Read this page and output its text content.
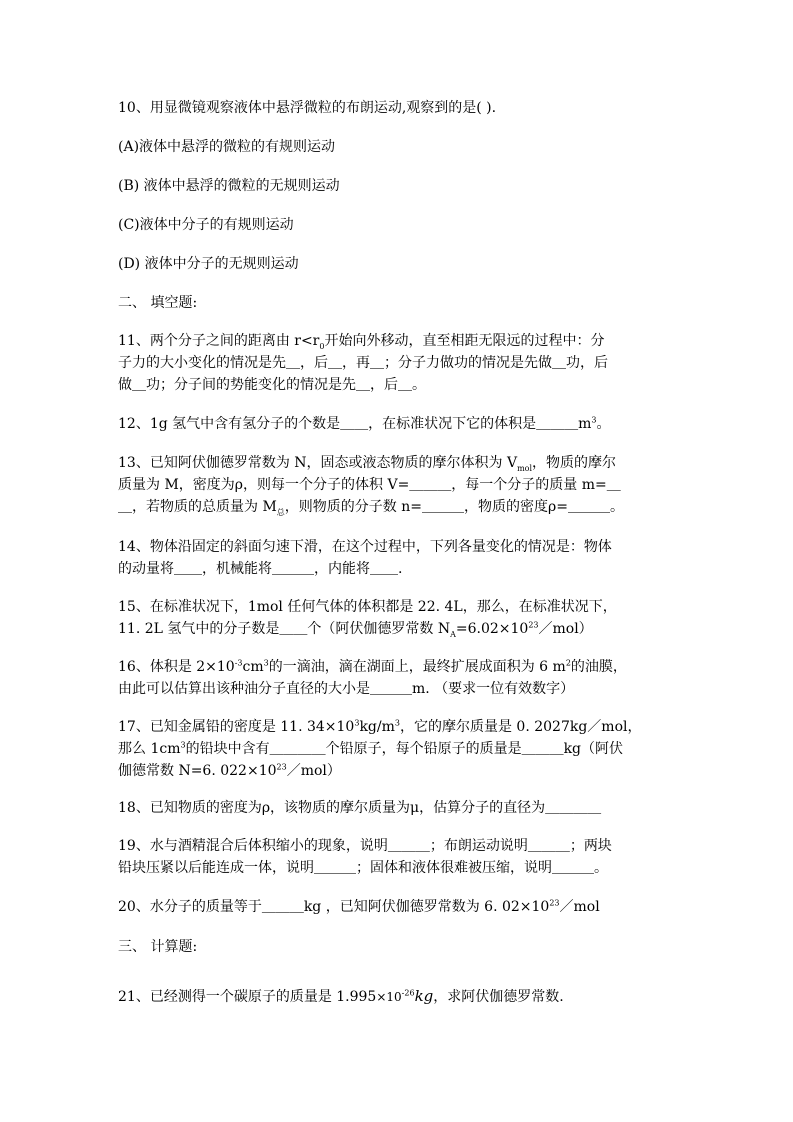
10、用显微镜观察液体中悬浮微粒的布朗运动,观察到的是( ).
(A)液体中悬浮的微粒的有规则运动
(B) 液体中悬浮的微粒的无规则运动
(C)液体中分子的有规则运动
(D) 液体中分子的无规则运动
二、 填空题:
11、两个分子之间的距离由 $r<r_0$开始向外移动，直至相距无限远的过程中：分
子力的大小变化的情况是先＿，后＿，再＿；分子力做功的情况是先做＿功，后
做＿功；分子间的势能变化的情况是先＿，后＿。
12、1g 氢气中含有氢分子的个数是＿＿，在标准状况下它的体积是$\_\_\_m^3$。
13、已知阿伏伽德罗常数为 N，固态或液态物质的摩尔体积为 $V_{mol}$，物质的摩尔
质量为 M，密度为ρ，则每一个分子的体积 V=＿＿＿，每一个分子的质量 m=＿
＿，若物质的总质量为 $M_总$，则物质的分子数 n=＿＿＿，物质的密度ρ=＿＿＿。
14、物体沿固定的斜面匀速下滑，在这个过程中，下列各量变化的情况是：物体
的动量将＿＿，机械能将＿＿＿，内能将＿＿.
15、在标准状况下，1mol 任何气体的体积都是 22. 4L，那么，在标准状况下，
11. 2L 氢气中的分子数是＿＿个（阿伏伽德罗常数 $N_A=6.02\times 10^{23}/mol$）
16、体积是 $2\times 10^{-3}cm^3$的一滴油，滴在湖面上，最终扩展成面积为 6 $m^2$的油膜，
由此可以估算出该种油分子直径的大小是＿＿＿m. （要求一位有效数字）
17、已知金属铅的密度是 11. $34\times 10^3kg/m^3$，它的摩尔质量是 0. 2027kg／mol，
那么 $1cm^3$的铅块中含有＿＿＿＿个铅原子，每个铅原子的质量是＿＿＿kg（阿伏
伽德常数 N=6. $022\times 10^{23}/mol$）
18、已知物质的密度为ρ，该物质的摩尔质量为μ，估算分子的直径为＿＿＿＿
19、水与酒精混合后体积缩小的现象，说明＿＿＿；布朗运动说明＿＿＿；两块
铅块压紧以后能连成一体，说明＿＿＿；固体和液体很难被压缩，说明＿＿＿。
20、水分子的质量等于＿＿＿kg ，已知阿伏伽德罗常数为 6. $02\times 10^{23}/mol$
三、 计算题:
21、已经测得一个碳原子的质量是 $1.995\times 10^{-26}kg$，求阿伏伽德罗常数.
